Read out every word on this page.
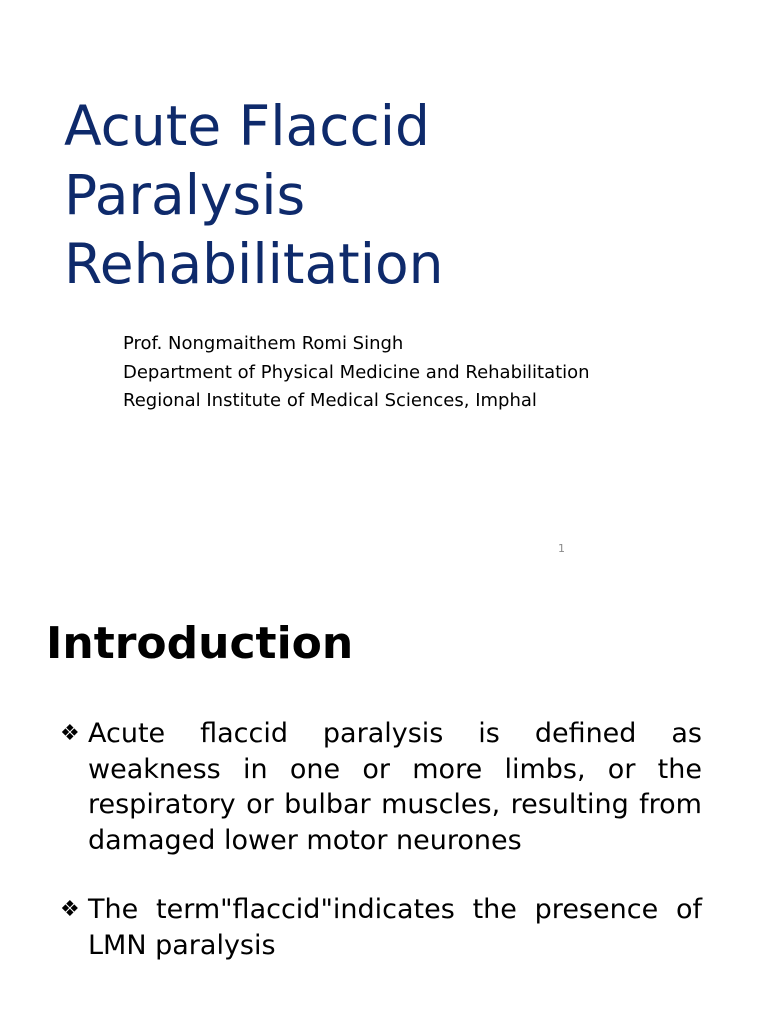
Acute Flaccid
Paralysis
Rehabilitation
Prof. Nongmaithem Romi Singh
Department of Physical Medicine and Rehabilitation
Regional Institute of Medical Sciences, Imphal
1
Introduction
❖ Acute flaccid paralysis is defined as weakness in one or more limbs, or the respiratory or bulbar muscles, resulting from damaged lower motor neurones
❖ The term"flaccid"indicates the presence of LMN paralysis
